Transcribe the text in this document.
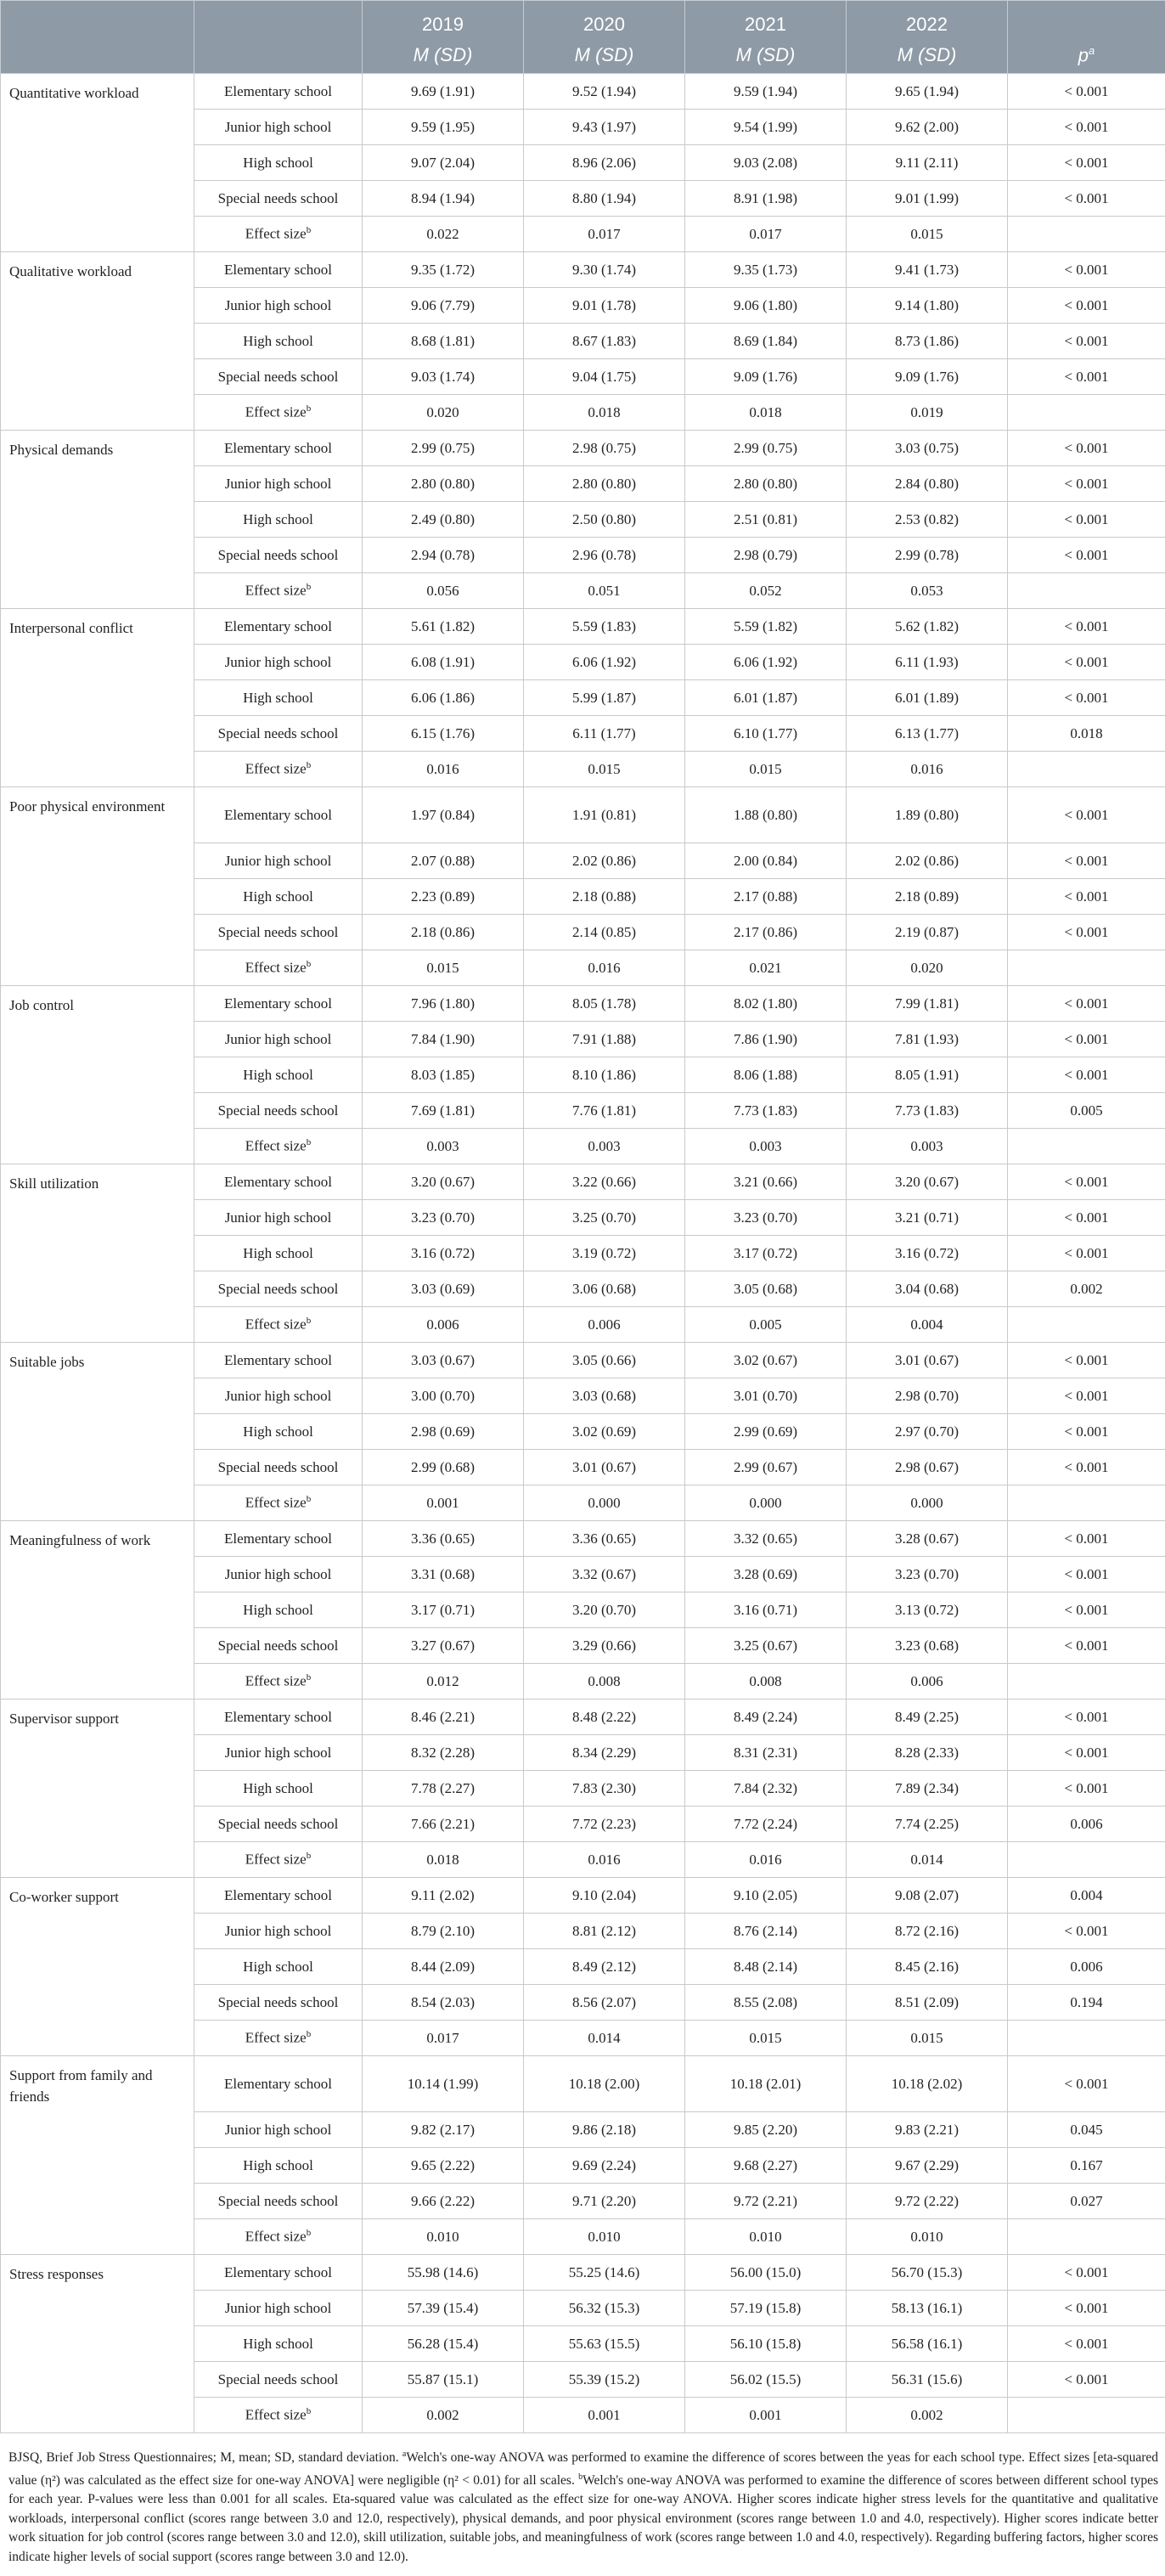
		2019	2020	2021	2022	
		M (SD)	M (SD)	M (SD)	M (SD)	$p^a$
Quantitative workload	Elementary school	9.69 (1.91)	9.52 (1.94)	9.59 (1.94)	9.65 (1.94)	< 0.001
	Junior high school	9.59 (1.95)	9.43 (1.97)	9.54 (1.99)	9.62 (2.00)	< 0.001
	High school	9.07 (2.04)	8.96 (2.06)	9.03 (2.08)	9.11 (2.11)	< 0.001
	Special needs school	8.94 (1.94)	8.80 (1.94)	8.91 (1.98)	9.01 (1.99)	< 0.001
	Effect size$^b$	0.022	0.017	0.017	0.015	
Qualitative workload	Elementary school	9.35 (1.72)	9.30 (1.74)	9.35 (1.73)	9.41 (1.73)	< 0.001
	Junior high school	9.06 (7.79)	9.01 (1.78)	9.06 (1.80)	9.14 (1.80)	< 0.001
	High school	8.68 (1.81)	8.67 (1.83)	8.69 (1.84)	8.73 (1.86)	< 0.001
	Special needs school	9.03 (1.74)	9.04 (1.75)	9.09 (1.76)	9.09 (1.76)	< 0.001
	Effect size$^b$	0.020	0.018	0.018	0.019	
Physical demands	Elementary school	2.99 (0.75)	2.98 (0.75)	2.99 (0.75)	3.03 (0.75)	< 0.001
	Junior high school	2.80 (0.80)	2.80 (0.80)	2.80 (0.80)	2.84 (0.80)	< 0.001
	High school	2.49 (0.80)	2.50 (0.80)	2.51 (0.81)	2.53 (0.82)	< 0.001
	Special needs school	2.94 (0.78)	2.96 (0.78)	2.98 (0.79)	2.99 (0.78)	< 0.001
	Effect size$^b$	0.056	0.051	0.052	0.053	
Interpersonal conflict	Elementary school	5.61 (1.82)	5.59 (1.83)	5.59 (1.82)	5.62 (1.82)	< 0.001
	Junior high school	6.08 (1.91)	6.06 (1.92)	6.06 (1.92)	6.11 (1.93)	< 0.001
	High school	6.06 (1.86)	5.99 (1.87)	6.01 (1.87)	6.01 (1.89)	< 0.001
	Special needs school	6.15 (1.76)	6.11 (1.77)	6.10 (1.77)	6.13 (1.77)	0.018
	Effect size$^b$	0.016	0.015	0.015	0.016	
Poor physical environment	Elementary school	1.97 (0.84)	1.91 (0.81)	1.88 (0.80)	1.89 (0.80)	< 0.001
	Junior high school	2.07 (0.88)	2.02 (0.86)	2.00 (0.84)	2.02 (0.86)	< 0.001
	High school	2.23 (0.89)	2.18 (0.88)	2.17 (0.88)	2.18 (0.89)	< 0.001
	Special needs school	2.18 (0.86)	2.14 (0.85)	2.17 (0.86)	2.19 (0.87)	< 0.001
	Effect size$^b$	0.015	0.016	0.021	0.020	
Job control	Elementary school	7.96 (1.80)	8.05 (1.78)	8.02 (1.80)	7.99 (1.81)	< 0.001
	Junior high school	7.84 (1.90)	7.91 (1.88)	7.86 (1.90)	7.81 (1.93)	< 0.001
	High school	8.03 (1.85)	8.10 (1.86)	8.06 (1.88)	8.05 (1.91)	< 0.001
	Special needs school	7.69 (1.81)	7.76 (1.81)	7.73 (1.83)	7.73 (1.83)	0.005
	Effect size$^b$	0.003	0.003	0.003	0.003	
Skill utilization	Elementary school	3.20 (0.67)	3.22 (0.66)	3.21 (0.66)	3.20 (0.67)	< 0.001
	Junior high school	3.23 (0.70)	3.25 (0.70)	3.23 (0.70)	3.21 (0.71)	< 0.001
	High school	3.16 (0.72)	3.19 (0.72)	3.17 (0.72)	3.16 (0.72)	< 0.001
	Special needs school	3.03 (0.69)	3.06 (0.68)	3.05 (0.68)	3.04 (0.68)	0.002
	Effect size$^b$	0.006	0.006	0.005	0.004	
Suitable jobs	Elementary school	3.03 (0.67)	3.05 (0.66)	3.02 (0.67)	3.01 (0.67)	< 0.001
	Junior high school	3.00 (0.70)	3.03 (0.68)	3.01 (0.70)	2.98 (0.70)	< 0.001
	High school	2.98 (0.69)	3.02 (0.69)	2.99 (0.69)	2.97 (0.70)	< 0.001
	Special needs school	2.99 (0.68)	3.01 (0.67)	2.99 (0.67)	2.98 (0.67)	< 0.001
	Effect size$^b$	0.001	0.000	0.000	0.000	
Meaningfulness of work	Elementary school	3.36 (0.65)	3.36 (0.65)	3.32 (0.65)	3.28 (0.67)	< 0.001
	Junior high school	3.31 (0.68)	3.32 (0.67)	3.28 (0.69)	3.23 (0.70)	< 0.001
	High school	3.17 (0.71)	3.20 (0.70)	3.16 (0.71)	3.13 (0.72)	< 0.001
	Special needs school	3.27 (0.67)	3.29 (0.66)	3.25 (0.67)	3.23 (0.68)	< 0.001
	Effect size$^b$	0.012	0.008	0.008	0.006	
Supervisor support	Elementary school	8.46 (2.21)	8.48 (2.22)	8.49 (2.24)	8.49 (2.25)	< 0.001
	Junior high school	8.32 (2.28)	8.34 (2.29)	8.31 (2.31)	8.28 (2.33)	< 0.001
	High school	7.78 (2.27)	7.83 (2.30)	7.84 (2.32)	7.89 (2.34)	< 0.001
	Special needs school	7.66 (2.21)	7.72 (2.23)	7.72 (2.24)	7.74 (2.25)	0.006
	Effect size$^b$	0.018	0.016	0.016	0.014	
Co-worker support	Elementary school	9.11 (2.02)	9.10 (2.04)	9.10 (2.05)	9.08 (2.07)	0.004
	Junior high school	8.79 (2.10)	8.81 (2.12)	8.76 (2.14)	8.72 (2.16)	< 0.001
	High school	8.44 (2.09)	8.49 (2.12)	8.48 (2.14)	8.45 (2.16)	0.006
	Special needs school	8.54 (2.03)	8.56 (2.07)	8.55 (2.08)	8.51 (2.09)	0.194
	Effect size$^b$	0.017	0.014	0.015	0.015	
Support from family and friends	Elementary school	10.14 (1.99)	10.18 (2.00)	10.18 (2.01)	10.18 (2.02)	< 0.001
	Junior high school	9.82 (2.17)	9.86 (2.18)	9.85 (2.20)	9.83 (2.21)	0.045
	High school	9.65 (2.22)	9.69 (2.24)	9.68 (2.27)	9.67 (2.29)	0.167
	Special needs school	9.66 (2.22)	9.71 (2.20)	9.72 (2.21)	9.72 (2.22)	0.027
	Effect size$^b$	0.010	0.010	0.010	0.010	
Stress responses	Elementary school	55.98 (14.6)	55.25 (14.6)	56.00 (15.0)	56.70 (15.3)	< 0.001
	Junior high school	57.39 (15.4)	56.32 (15.3)	57.19 (15.8)	58.13 (16.1)	< 0.001
	High school	56.28 (15.4)	55.63 (15.5)	56.10 (15.8)	56.58 (16.1)	< 0.001
	Special needs school	55.87 (15.1)	55.39 (15.2)	56.02 (15.5)	56.31 (15.6)	< 0.001
	Effect size$^b$	0.002	0.001	0.001	0.002	
BJSQ, Brief Job Stress Questionnaires; M, mean; SD, standard deviation. $^a$Welch's one-way ANOVA was performed to examine the difference of scores between the yeas for each school type. Effect sizes [eta-squared value (η²) was calculated as the effect size for one-way ANOVA] were negligible (η² < 0.01) for all scales. $^b$Welch's one-way ANOVA was performed to examine the difference of scores between different school types for each year. P-values were less than 0.001 for all scales. Eta-squared value was calculated as the effect size for one-way ANOVA. Higher scores indicate higher stress levels for the quantitative and qualitative workloads, interpersonal conflict (scores range between 3.0 and 12.0, respectively), physical demands, and poor physical environment (scores range between 1.0 and 4.0, respectively). Higher scores indicate better work situation for job control (scores range between 3.0 and 12.0), skill utilization, suitable jobs, and meaningfulness of work (scores range between 1.0 and 4.0, respectively). Regarding buffering factors, higher scores indicate higher levels of social support (scores range between 3.0 and 12.0).
